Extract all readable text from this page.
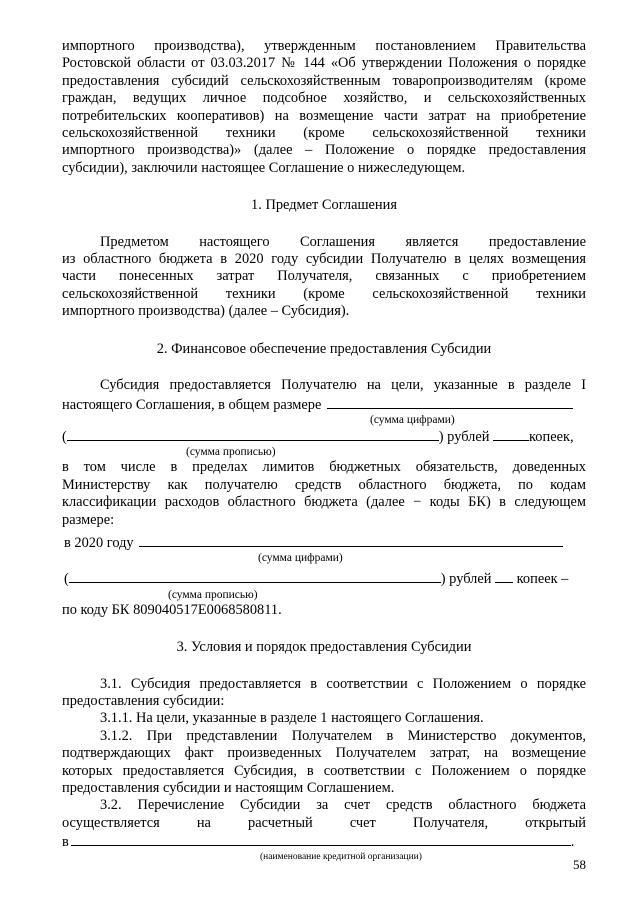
импортного производства), утвержденным постановлением Правительства

Ростовской области от 03.03.2017 № 144 «Об утверждении Положения о порядке

предоставления субсидий сельскохозяйственным товаропроизводителям (кроме

граждан, ведущих личное подсобное хозяйство, и сельскохозяйственных

потребительских кооперативов) на возмещение части затрат на приобретение

сельскохозяйственной техники (кроме сельскохозяйственной техники

импортного производства)» (далее – Положение о порядке предоставления

субсидии), заключили настоящее Соглашение о нижеследующем.

1. Предмет Соглашения

Предметом настоящего Соглашения является предоставление

из областного бюджета в 2020 году субсидии Получателю в целях возмещения

части понесенных затрат Получателя, связанных с приобретением

сельскохозяйственной техники (кроме сельскохозяйственной техники

импортного производства) (далее – Субсидия).

2. Финансовое обеспечение предоставления Субсидии

Субсидия предоставляется Получателю на цели, указанные в разделе I

настоящего Соглашения, в общем размере
(сумма цифрами)
(	) рублей	копеек,
(сумма прописью)

в том числе в пределах лимитов бюджетных обязательств, доведенных

Министерству как получателю средств областного бюджета, по кодам

классификации расходов областного бюджета (далее − коды БК) в следующем

размере:

в 2020 году
(сумма цифрами)
(	) рублей копеек –
(сумма прописью)

по коду БК 809040517E0068580811.

3. Условия и порядок предоставления Субсидии

3.1. Субсидия предоставляется в соответствии с Положением о порядке

предоставления субсидии:

3.1.1. На цели, указанные в разделе 1 настоящего Соглашения.

3.1.2. При представлении Получателем в Министерство документов,

подтверждающих факт произведенных Получателем затрат, на возмещение

которых предоставляется Субсидия, в соответствии с Положением о порядке

предоставления субсидии и настоящим Соглашением.

3.2. Перечисление Субсидии за счет средств областного бюджета

осуществляется на расчетный счет Получателя, открытый

в	.
(наименование кредитной организации)
58
